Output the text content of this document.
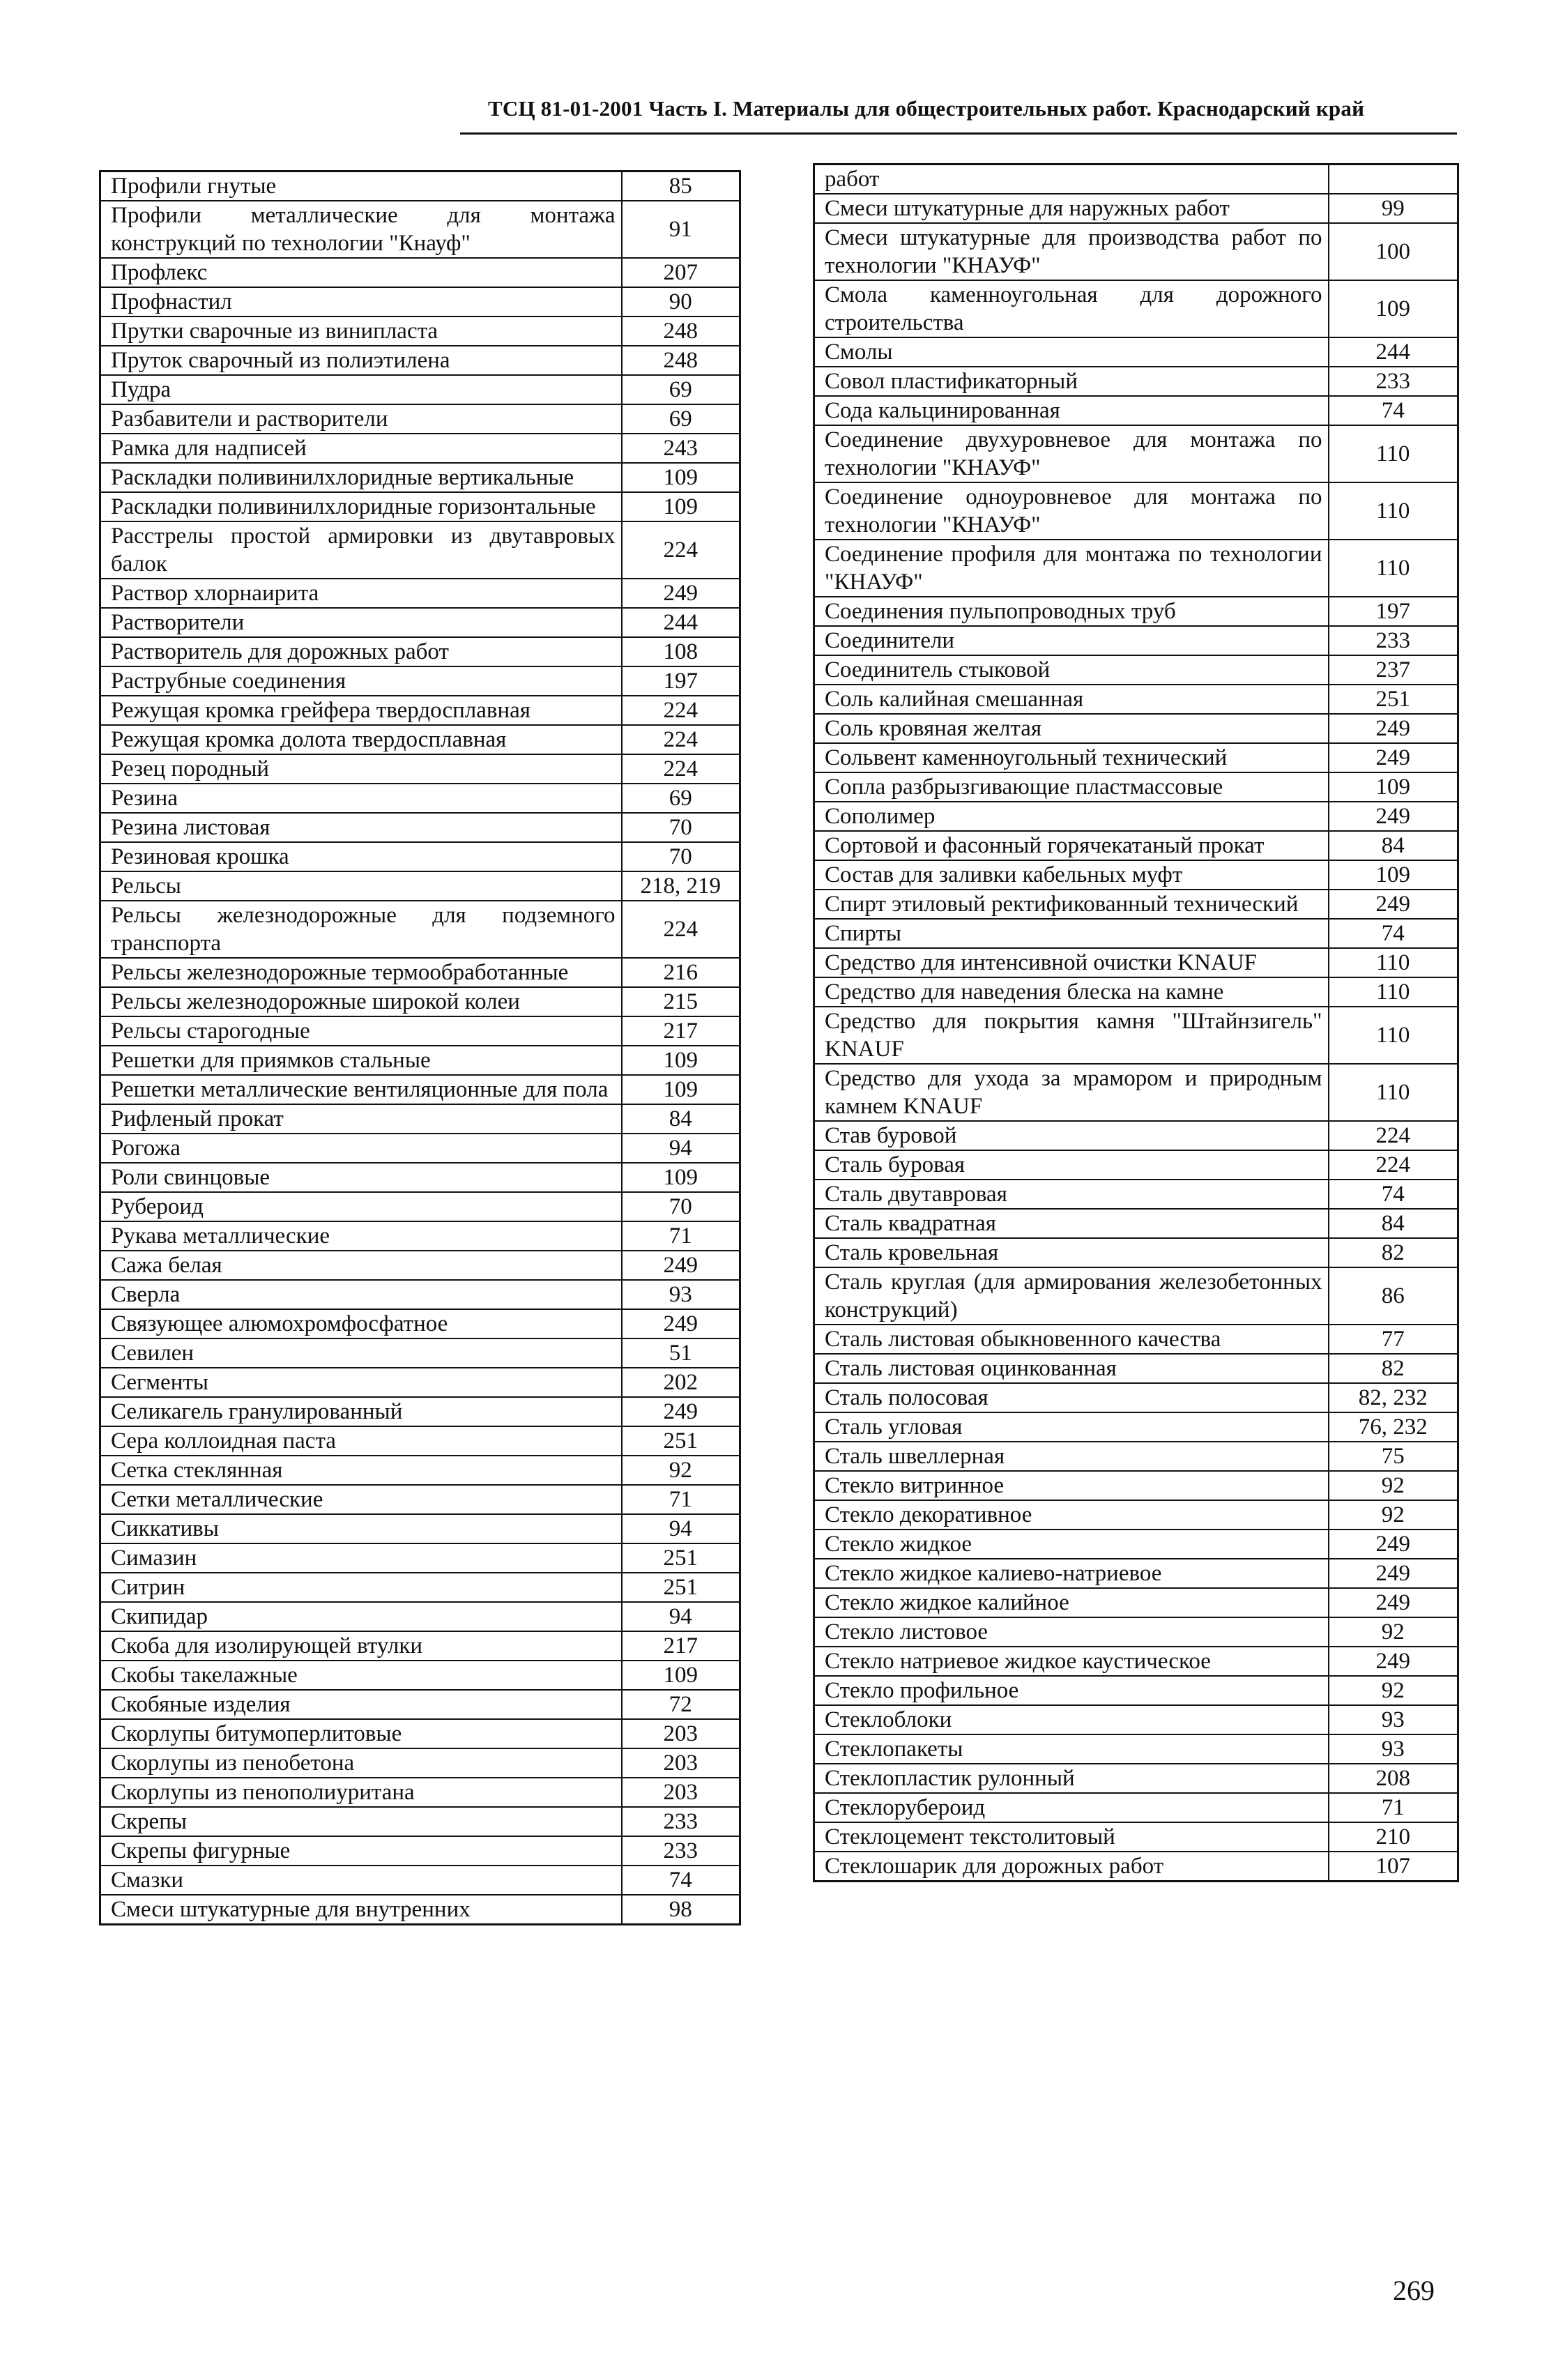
ТСЦ 81-01-2001 Часть I. Материалы для общестроительных работ. Краснодарский край
Профили гнутые	85
Профили металлические для монтажа конструкций по технологии "Кнауф"	91
Профлекс	207
Профнастил	90
Прутки сварочные из винипласта	248
Пруток сварочный из полиэтилена	248
Пудра	69
Разбавители и растворители	69
Рамка для надписей	243
Раскладки поливинилхлоридные вертикальные	109
Раскладки поливинилхлоридные горизонтальные	109
Расстрелы простой армировки из двутавровых балок	224
Раствор хлорнаирита	249
Растворители	244
Растворитель для дорожных работ	108
Раструбные соединения	197
Режущая кромка грейфера твердосплавная	224
Режущая кромка долота твердосплавная	224
Резец породный	224
Резина	69
Резина листовая	70
Резиновая крошка	70
Рельсы	218, 219
Рельсы железнодорожные для подземного транспорта	224
Рельсы железнодорожные термообработанные	216
Рельсы железнодорожные широкой колеи	215
Рельсы старогодные	217
Решетки для приямков стальные	109
Решетки металлические вентиляционные для пола	109
Рифленый прокат	84
Рогожа	94
Роли свинцовые	109
Рубероид	70
Рукава металлические	71
Сажа белая	249
Сверла	93
Связующее алюмохромфосфатное	249
Севилен	51
Сегменты	202
Селикагель гранулированный	249
Сера коллоидная паста	251
Сетка стеклянная	92
Сетки металлические	71
Сиккативы	94
Симазин	251
Ситрин	251
Скипидар	94
Скоба для изолирующей втулки	217
Скобы такелажные	109
Скобяные изделия	72
Скорлупы битумоперлитовые	203
Скорлупы из пенобетона	203
Скорлупы из пенополиуритана	203
Скрепы	233
Скрепы фигурные	233
Смазки	74
Смеси штукатурные для внутренних	98
работ	
Смеси штукатурные для наружных работ	99
Смеси штукатурные для производства работ по технологии "КНАУФ"	100
Смола каменноугольная для дорожного строительства	109
Смолы	244
Совол пластификаторный	233
Сода кальцинированная	74
Соединение двухуровневое для монтажа по технологии "КНАУФ"	110
Соединение одноуровневое для монтажа по технологии "КНАУФ"	110
Соединение профиля для монтажа по технологии "КНАУФ"	110
Соединения пульпопроводных труб	197
Соединители	233
Соединитель стыковой	237
Соль калийная смешанная	251
Соль кровяная желтая	249
Сольвент каменноугольный технический	249
Сопла разбрызгивающие пластмассовые	109
Сополимер	249
Сортовой и фасонный горячекатаный прокат	84
Состав для заливки кабельных муфт	109
Спирт этиловый ректификованный технический	249
Спирты	74
Средство для интенсивной очистки KNAUF	110
Средство для наведения блеска на камне	110
Средство для покрытия камня "Штайнзигель" KNAUF	110
Средство для ухода за мрамором и природным камнем KNAUF	110
Став буровой	224
Сталь буровая	224
Сталь двутавровая	74
Сталь квадратная	84
Сталь кровельная	82
Сталь круглая (для армирования железобетонных конструкций)	86
Сталь листовая обыкновенного качества	77
Сталь листовая оцинкованная	82
Сталь полосовая	82, 232
Сталь угловая	76, 232
Сталь швеллерная	75
Стекло витринное	92
Стекло декоративное	92
Стекло жидкое	249
Стекло жидкое калиево-натриевое	249
Стекло жидкое калийное	249
Стекло листовое	92
Стекло натриевое жидкое каустическое	249
Стекло профильное	92
Стеклоблоки	93
Стеклопакеты	93
Стеклопластик рулонный	208
Стеклорубероид	71
Стеклоцемент текстолитовый	210
Стеклошарик для дорожных работ	107
269
